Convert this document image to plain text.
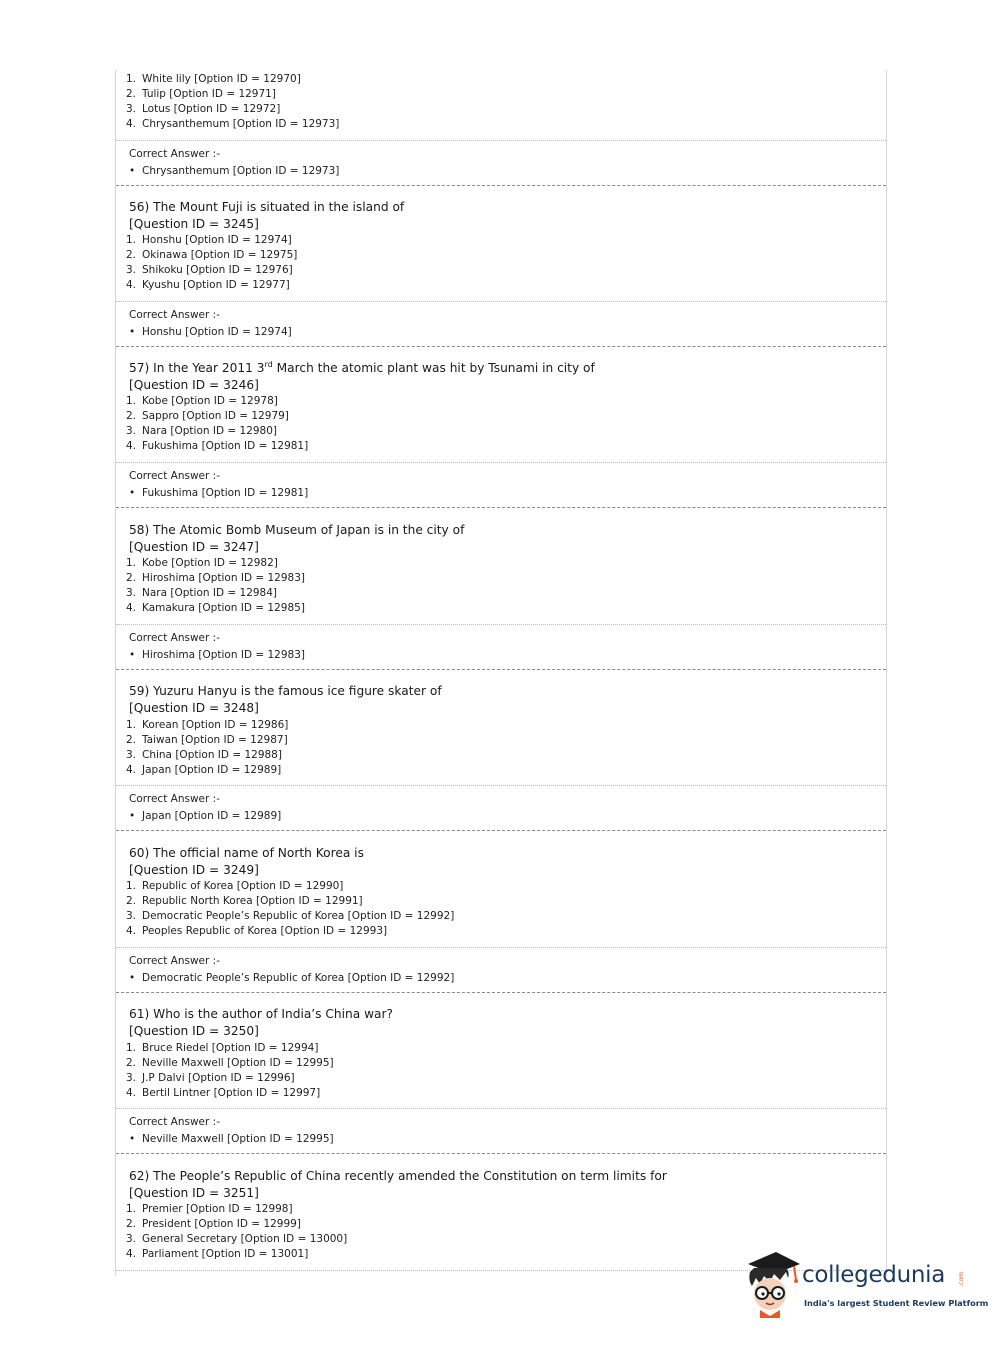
1. White lily [Option ID = 12970]
2. Tulip [Option ID = 12971]
3. Lotus [Option ID = 12972]
4. Chrysanthemum [Option ID = 12973]
Correct Answer :-
• Chrysanthemum [Option ID = 12973]
56) The Mount Fuji is situated in the island of
[Question ID = 3245]
1. Honshu [Option ID = 12974]
2. Okinawa [Option ID = 12975]
3. Shikoku [Option ID = 12976]
4. Kyushu [Option ID = 12977]
Correct Answer :-
• Honshu [Option ID = 12974]
57) In the Year 2011 3rd March the atomic plant was hit by Tsunami in city of
[Question ID = 3246]
1. Kobe [Option ID = 12978]
2. Sappro [Option ID = 12979]
3. Nara [Option ID = 12980]
4. Fukushima [Option ID = 12981]
Correct Answer :-
• Fukushima [Option ID = 12981]
58) The Atomic Bomb Museum of Japan is in the city of
[Question ID = 3247]
1. Kobe [Option ID = 12982]
2. Hiroshima [Option ID = 12983]
3. Nara [Option ID = 12984]
4. Kamakura [Option ID = 12985]
Correct Answer :-
• Hiroshima [Option ID = 12983]
59) Yuzuru Hanyu is the famous ice figure skater of
[Question ID = 3248]
1. Korean [Option ID = 12986]
2. Taiwan [Option ID = 12987]
3. China [Option ID = 12988]
4. Japan [Option ID = 12989]
Correct Answer :-
• Japan [Option ID = 12989]
60) The official name of North Korea is
[Question ID = 3249]
1. Republic of Korea [Option ID = 12990]
2. Republic North Korea [Option ID = 12991]
3. Democratic People’s Republic of Korea [Option ID = 12992]
4. Peoples Republic of Korea [Option ID = 12993]
Correct Answer :-
• Democratic People’s Republic of Korea [Option ID = 12992]
61) Who is the author of India’s China war?
[Question ID = 3250]
1. Bruce Riedel [Option ID = 12994]
2. Neville Maxwell [Option ID = 12995]
3. J.P Dalvi [Option ID = 12996]
4. Bertil Lintner [Option ID = 12997]
Correct Answer :-
• Neville Maxwell [Option ID = 12995]
62) The People’s Republic of China recently amended the Constitution on term limits for
[Question ID = 3251]
1. Premier [Option ID = 12998]
2. President [Option ID = 12999]
3. General Secretary [Option ID = 13000]
4. Parliament [Option ID = 13001]
collegedunia .com
India's largest Student Review Platform
